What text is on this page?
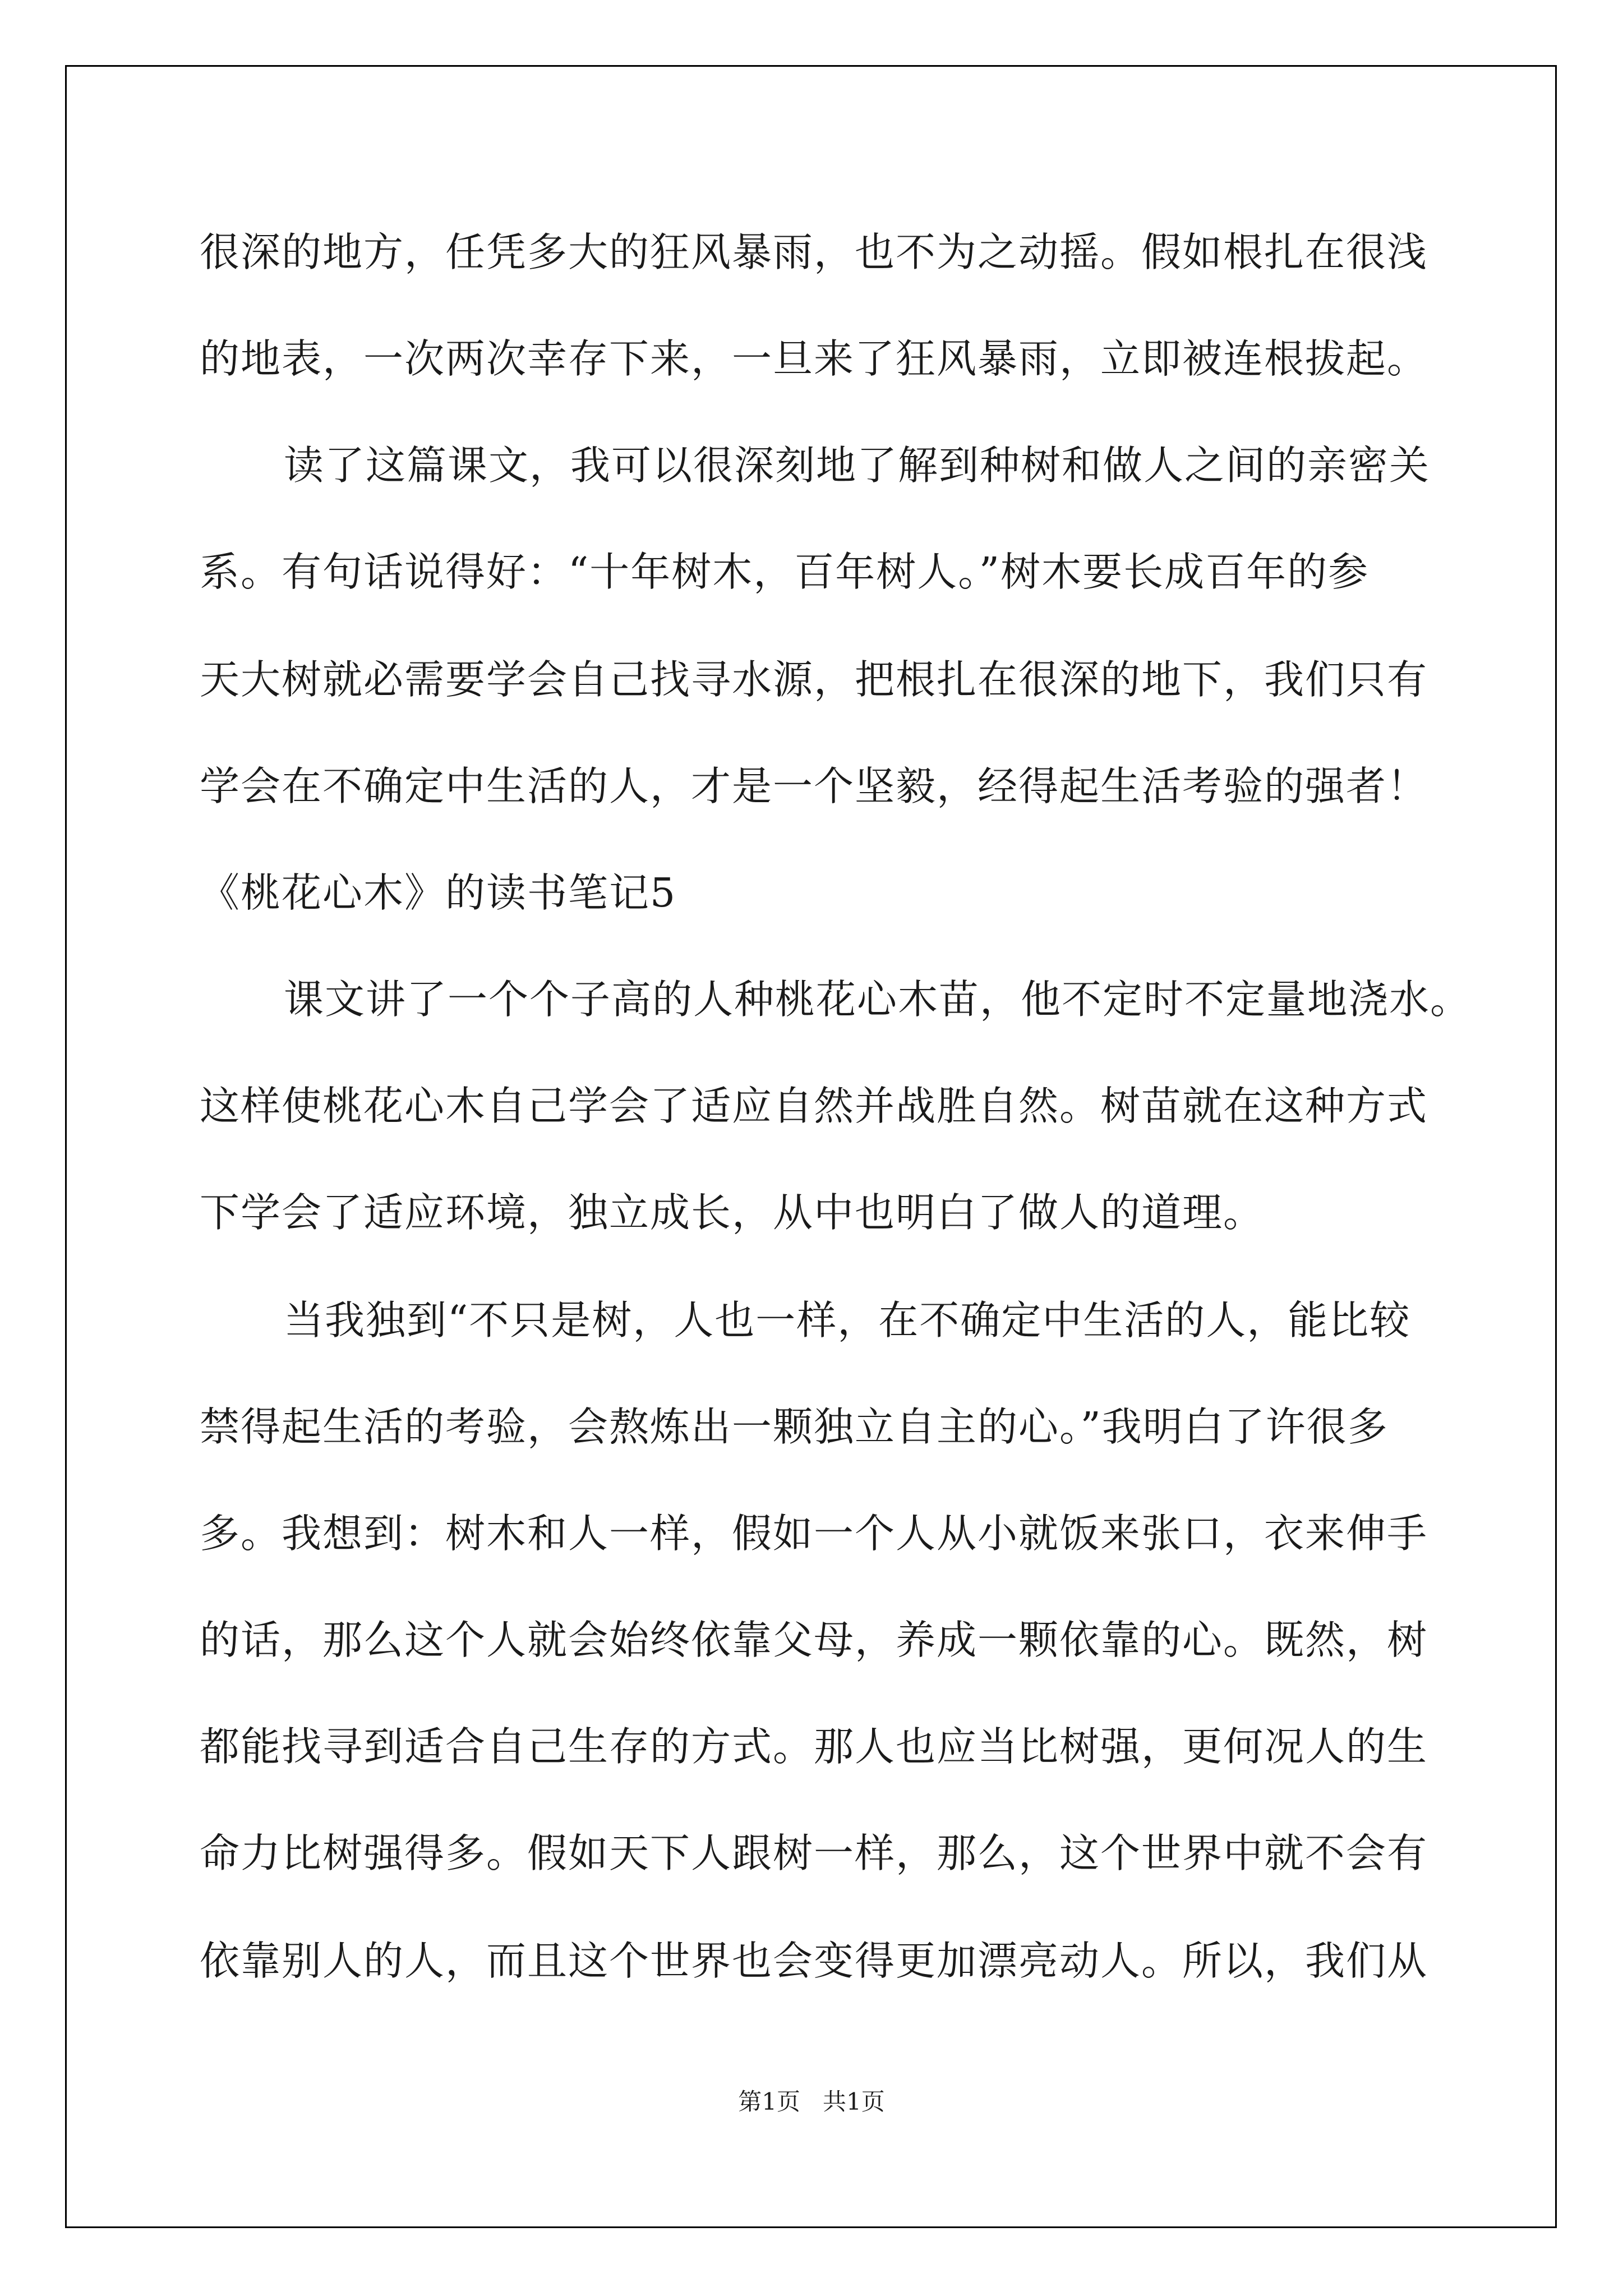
很深的地方，任凭多大的狂风暴雨，也不为之动摇。假如根扎在很浅
的地表，一次两次幸存下来，一旦来了狂风暴雨，立即被连根拔起。
读了这篇课文，我可以很深刻地了解到种树和做人之间的亲密关
系。有句话说得好：“十年树木，百年树人。”树木要长成百年的参
天大树就必需要学会自己找寻水源，把根扎在很深的地下，我们只有
学会在不确定中生活的人，才是一个坚毅，经得起生活考验的强者！
《桃花心木》的读书笔记5
课文讲了一个个子高的人种桃花心木苗，他不定时不定量地浇水。
这样使桃花心木自己学会了适应自然并战胜自然。树苗就在这种方式
下学会了适应环境，独立成长，从中也明白了做人的道理。
当我独到“不只是树，人也一样，在不确定中生活的人，能比较
禁得起生活的考验，会熬炼出一颗独立自主的心。”我明白了许很多
多。我想到：树木和人一样，假如一个人从小就饭来张口，衣来伸手
的话，那么这个人就会始终依靠父母，养成一颗依靠的心。既然，树
都能找寻到适合自己生存的方式。那人也应当比树强，更何况人的生
命力比树强得多。假如天下人跟树一样，那么，这个世界中就不会有
依靠别人的人，而且这个世界也会变得更加漂亮动人。所以，我们从
第1页   共1页
